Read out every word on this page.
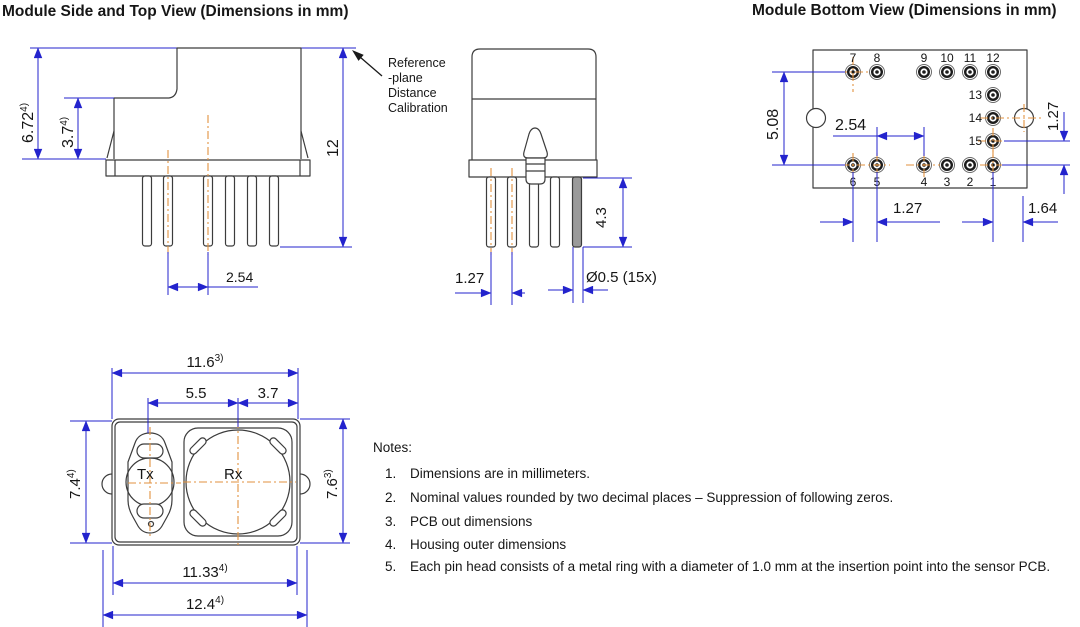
Module Side and Top View (Dimensions in mm)	Module Bottom View (Dimensions in mm)
6.72$^{4)}$
3.7$^{4)}$
12
2.54
Reference
-plane
Distance
Calibration
4.3
1.27	Ø0.5 (15x)
7 8	9 10 11 12
13
14
15
6 5	4 3 2 1
5.08	2.54
1.27	1.64
1.27
Tx	Rx
11.6$^{3)}$
5.5	3.7
7.4$^{4)}$
7.6$^{3)}$
11.33$^{4)}$
12.4$^{4)}$
Notes:
1. Dimensions are in millimeters.
2. Nominal values rounded by two decimal places – Suppression of following zeros.
3. PCB out dimensions
4. Housing outer dimensions
5. Each pin head consists of a metal ring with a diameter of 1.0 mm at the insertion point into the sensor PCB.
